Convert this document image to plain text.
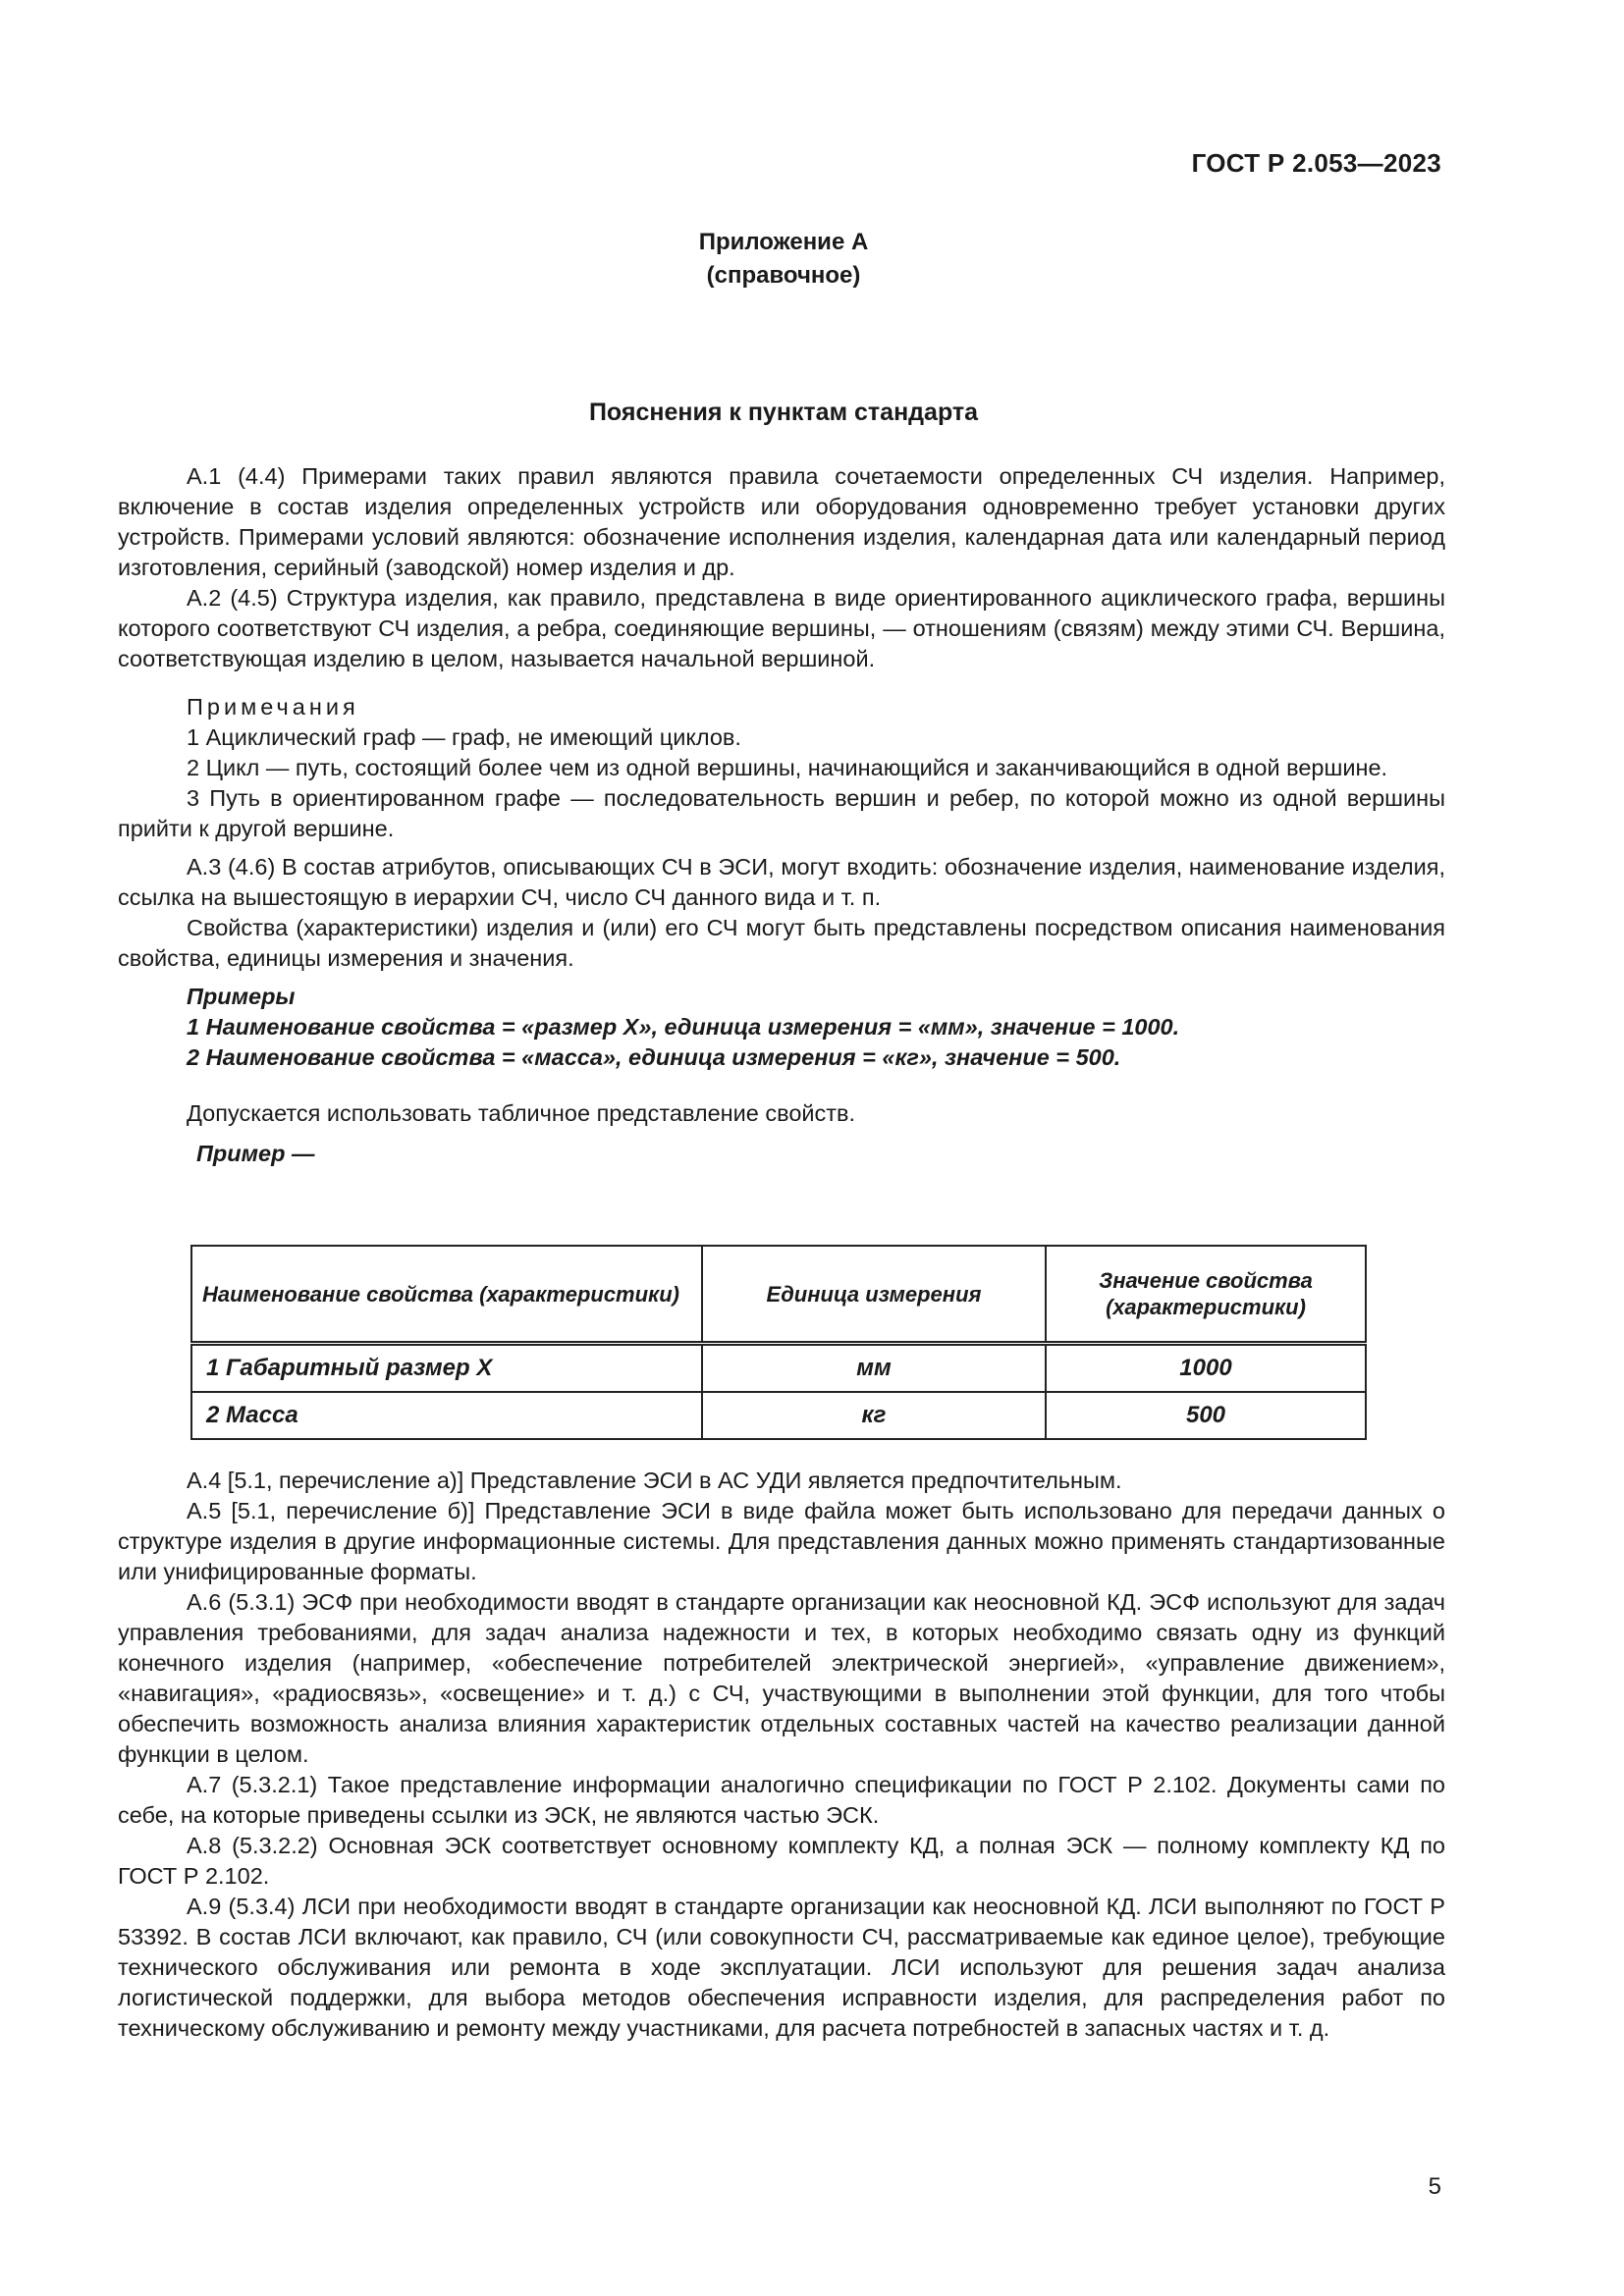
ГОСТ Р 2.053—2023
Приложение А
(справочное)
Пояснения к пунктам стандарта

А.1 (4.4) Примерами таких правил являются правила сочетаемости определенных СЧ изделия. Например, включение в состав изделия определенных устройств или оборудования одновременно требует установки других устройств. Примерами условий являются: обозначение исполнения изделия, календарная дата или календарный период изготовления, серийный (заводской) номер изделия и др.

А.2 (4.5) Структура изделия, как правило, представлена в виде ориентированного ациклического графа, вершины которого соответствуют СЧ изделия, а ребра, соединяющие вершины, — отношениям (связям) между этими СЧ. Вершина, соответствующая изделию в целом, называется начальной вершиной.

Примечания

1 Ациклический граф — граф, не имеющий циклов.

2 Цикл — путь, состоящий более чем из одной вершины, начинающийся и заканчивающийся в одной вершине.

3 Путь в ориентированном графе — последовательность вершин и ребер, по которой можно из одной вершины прийти к другой вершине.

А.3 (4.6) В состав атрибутов, описывающих СЧ в ЭСИ, могут входить: обозначение изделия, наименование изделия, ссылка на вышестоящую в иерархии СЧ, число СЧ данного вида и т. п.

Свойства (характеристики) изделия и (или) его СЧ могут быть представлены посредством описания наименования свойства, единицы измерения и значения.

Примеры
1 Наименование свойства = «размер X», единица измерения = «мм», значение = 1000.
2 Наименование свойства = «масса», единица измерения = «кг», значение = 500.

Допускается использовать табличное представление свойств.

Пример —

Наименование свойства (характеристики)	Единица измерения	Значение свойства (характеристики)
1 Габаритный размер X	мм	1000
2 Масса	кг	500

А.4 [5.1, перечисление а)] Представление ЭСИ в АС УДИ является предпочтительным.

А.5 [5.1, перечисление б)] Представление ЭСИ в виде файла может быть использовано для передачи данных о структуре изделия в другие информационные системы. Для представления данных можно применять стандартизованные или унифицированные форматы.

А.6 (5.3.1) ЭСФ при необходимости вводят в стандарте организации как неосновной КД. ЭСФ используют для задач управления требованиями, для задач анализа надежности и тех, в которых необходимо связать одну из функций конечного изделия (например, «обеспечение потребителей электрической энергией», «управление движением», «навигация», «радиосвязь», «освещение» и т. д.) с СЧ, участвующими в выполнении этой функции, для того чтобы обеспечить возможность анализа влияния характеристик отдельных составных частей на качество реализации данной функции в целом.

А.7 (5.3.2.1) Такое представление информации аналогично спецификации по ГОСТ Р 2.102. Документы сами по себе, на которые приведены ссылки из ЭСК, не являются частью ЭСК.

А.8 (5.3.2.2) Основная ЭСК соответствует основному комплекту КД, а полная ЭСК — полному комплекту КД по ГОСТ Р 2.102.

А.9 (5.3.4) ЛСИ при необходимости вводят в стандарте организации как неосновной КД. ЛСИ выполняют по ГОСТ Р 53392. В состав ЛСИ включают, как правило, СЧ (или совокупности СЧ, рассматриваемые как единое целое), требующие технического обслуживания или ремонта в ходе эксплуатации. ЛСИ используют для решения задач анализа логистической поддержки, для выбора методов обеспечения исправности изделия, для распределения работ по техническому обслуживанию и ремонту между участниками, для расчета потребностей в запасных частях и т. д.

5
